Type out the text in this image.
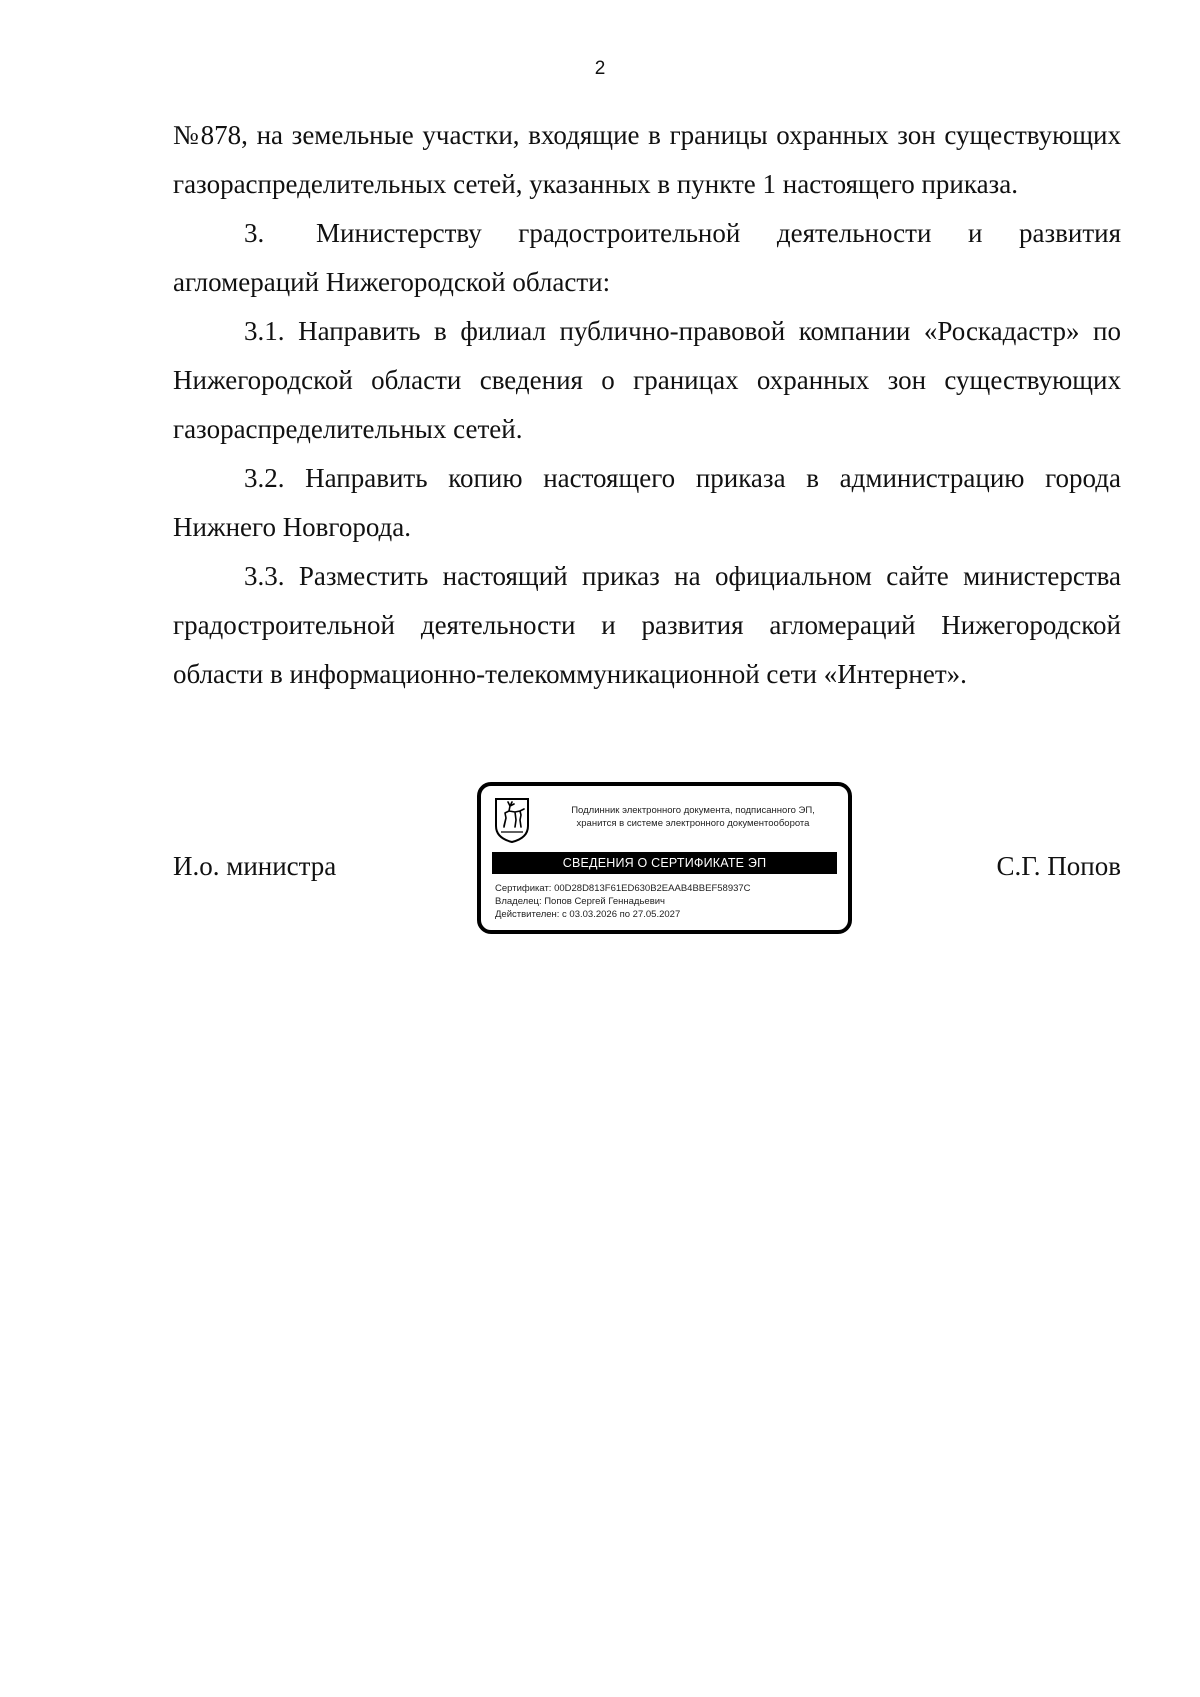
2

№878, на земельные участки, входящие в границы охранных зон существующих газораспределительных сетей, указанных в пункте 1 настоящего приказа.

3. Министерству градостроительной деятельности и развития агломераций Нижегородской области:

3.1. Направить в филиал публично-правовой компании «Роскадастр» по Нижегородской области сведения о границах охранных зон существующих газораспределительных сетей.

3.2. Направить копию настоящего приказа в администрацию города Нижнего Новгорода.

3.3. Разместить настоящий приказ на официальном сайте министерства градостроительной деятельности и развития агломераций Нижегородской области в информационно-телекоммуникационной сети «Интернет».

И.о. министра
Подлинник электронного документа, подписанного ЭП,
хранится в системе электронного документооборота
СВЕДЕНИЯ О СЕРТИФИКАТЕ ЭП
Сертификат: 00D28D813F61ED630B2EAAB4BBEF58937C
Владелец: Попов Сергей Геннадьевич
Действителен: с 03.03.2026 по 27.05.2027
С.Г. Попов
